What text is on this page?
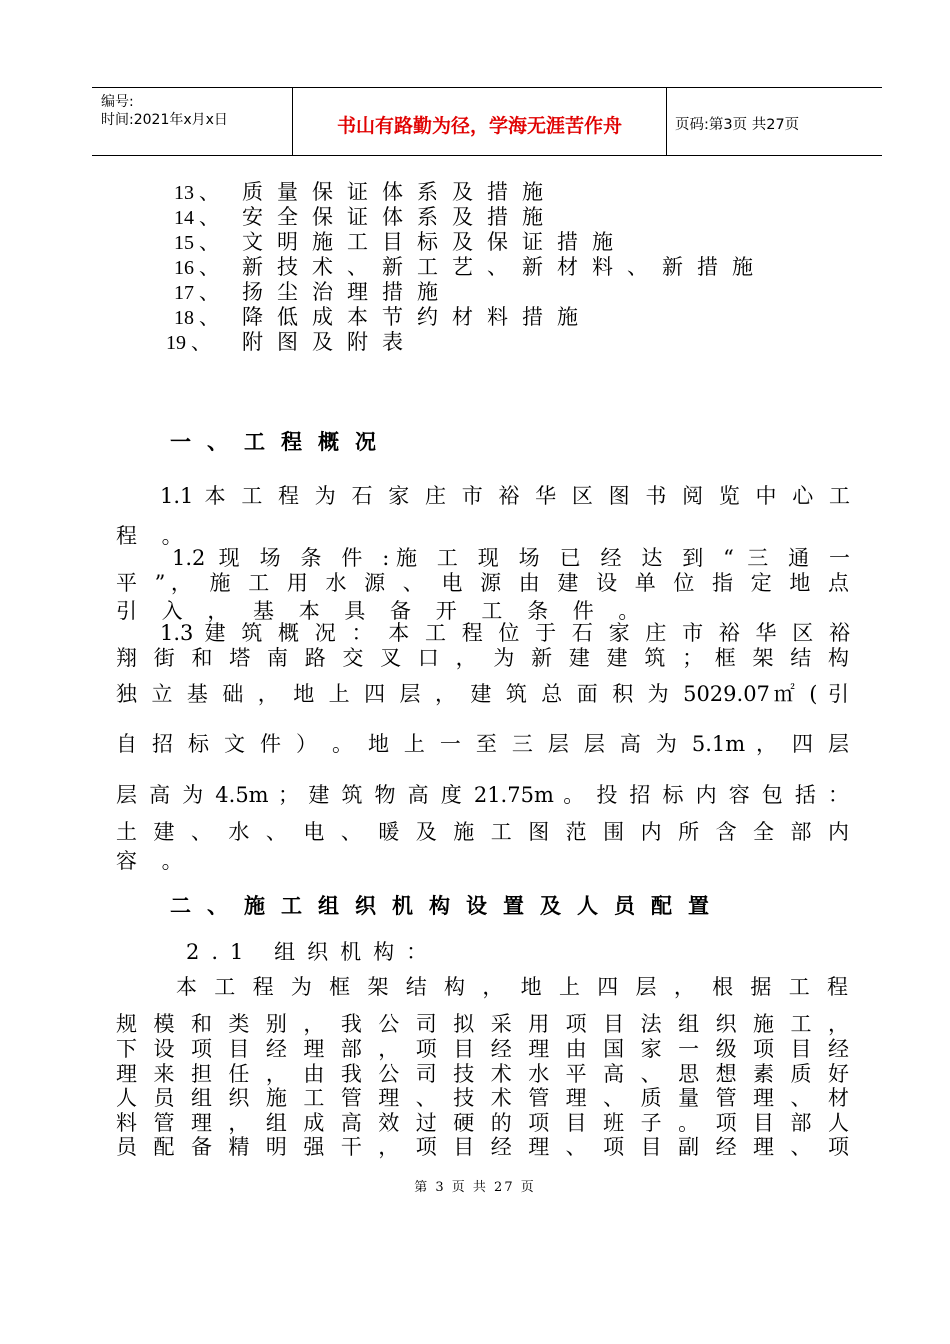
编号:
时间:2021年x月x日	书山有路勤为径，学海无涯苦作舟	页码:第3页 共27页
13 、 质量保证体系及措施
14 、 安全保证体系及措施
15 、 文明施工目标及保证措施
16 、 新技术、新工艺、新材料、新措施
17 、 扬尘治理措施
18 、 降低成本节约材料措施
19 、 附图及附表
一、工程概况
1.1 本 工 程 为 石 家 庄 市 裕 华 区 图 书 阅 览 中 心 工
程 。
1.2 现 场 条 件 :施 工 现 场 已 经 达 到 “ 三 通 一
平 ”， 施 工 用 水 源 、 电 源 由 建 设 单 位 指 定 地 点
引 入 ， 基 本 具 备 开 工 条 件 。
1.3 建 筑 概 况 ： 本 工 程 位 于 石 家 庄 市 裕 华 区 裕
翔 街 和 塔 南 路 交 叉 口 ， 为 新 建 建 筑 ； 框 架 结 构
独 立 基 础 ， 地 上 四 层 ， 建 筑 总 面 积 为 5029.07㎡ ( 引
自 招 标 文 件 ） 。 地 上 一 至 三 层 层 高 为 5.1m ， 四 层
层 高 为 4.5m ； 建 筑 物 高 度 21.75m 。 投 招 标 内 容 包 括 ：
土 建 、 水 、 电 、 暖 及 施 工 图 范 围 内 所 含 全 部 内
容 。
二、施工组织机构设置及人员配置
2.1 组织机构：
本 工 程 为 框 架 结 构 ， 地 上 四 层 ， 根 据 工 程
规 模 和 类 别 ， 我 公 司 拟 采 用 项 目 法 组 织 施 工 ，
下 设 项 目 经 理 部 ， 项 目 经 理 由 国 家 一 级 项 目 经
理 来 担 任 ， 由 我 公 司 技 术 水 平 高 、 思 想 素 质 好
人 员 组 织 施 工 管 理 、 技 术 管 理 、 质 量 管 理 、 材
料 管 理 ， 组 成 高 效 过 硬 的 项 目 班 子 。 项 目 部 人
员 配 备 精 明 强 干 ， 项 目 经 理 、 项 目 副 经 理 、 项
第 3 页 共 27 页
